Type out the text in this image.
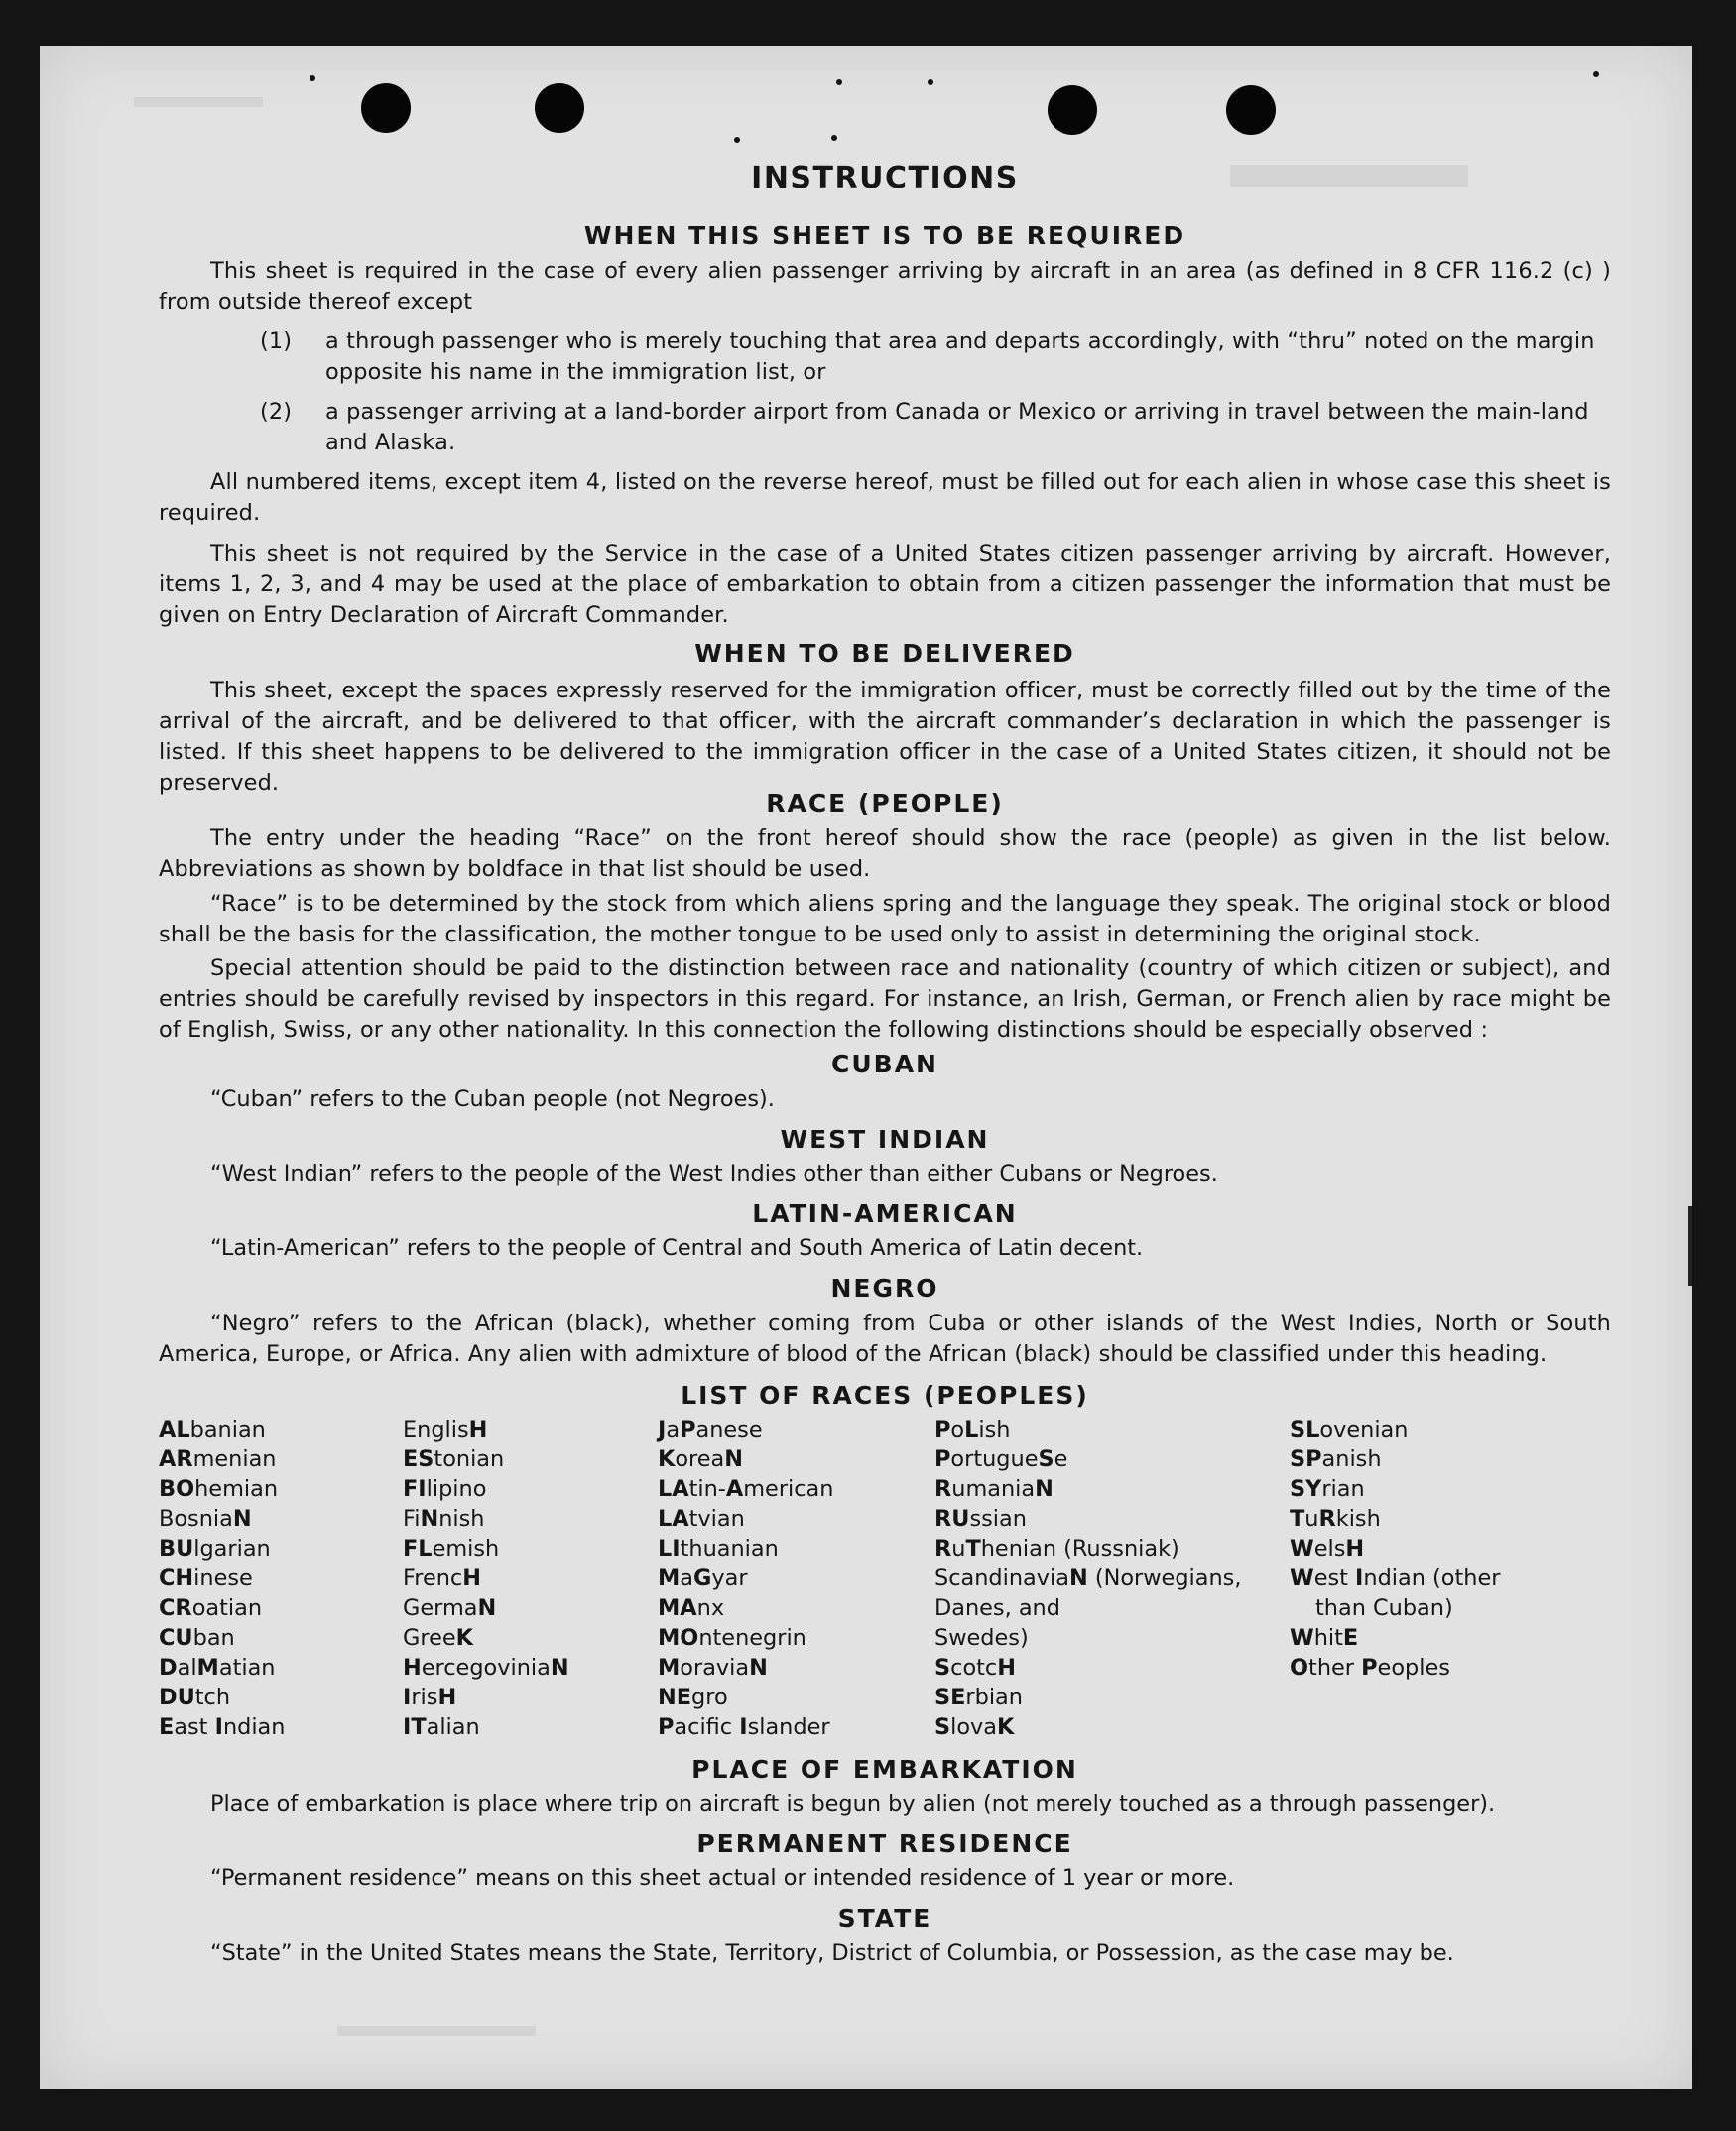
INSTRUCTIONS
WHEN THIS SHEET IS TO BE REQUIRED

This sheet is required in the case of every alien passenger arriving by aircraft in an area (as defined in 8 CFR 116.2 (c) ) from outside thereof except

(1) a through passenger who is merely touching that area and departs accordingly, with “thru” noted on the margin opposite his name in the immigration list, or

(2) a passenger arriving at a land-border airport from Canada or Mexico or arriving in travel between the main-land and Alaska.

All numbered items, except item 4, listed on the reverse hereof, must be filled out for each alien in whose case this sheet is required.

This sheet is not required by the Service in the case of a United States citizen passenger arriving by aircraft. However, items 1, 2, 3, and 4 may be used at the place of embarkation to obtain from a citizen passenger the information that must be given on Entry Declaration of Aircraft Commander.

WHEN TO BE DELIVERED

This sheet, except the spaces expressly reserved for the immigration officer, must be correctly filled out by the time of the arrival of the aircraft, and be delivered to that officer, with the aircraft commander’s declaration in which the passenger is listed. If this sheet happens to be delivered to the immigration officer in the case of a United States citizen, it should not be preserved.

RACE (PEOPLE)

The entry under the heading “Race” on the front hereof should show the race (people) as given in the list below. Abbreviations as shown by boldface in that list should be used.

“Race” is to be determined by the stock from which aliens spring and the language they speak. The original stock or blood shall be the basis for the classification, the mother tongue to be used only to assist in determining the original stock.

Special attention should be paid to the distinction between race and nationality (country of which citizen or subject), and entries should be carefully revised by inspectors in this regard. For instance, an Irish, German, or French alien by race might be of English, Swiss, or any other nationality. In this connection the following distinctions should be especially observed :

CUBAN

“Cuban” refers to the Cuban people (not Negroes).

WEST INDIAN

“West Indian” refers to the people of the West Indies other than either Cubans or Negroes.

LATIN-AMERICAN

“Latin-American” refers to the people of Central and South America of Latin decent.

NEGRO

“Negro” refers to the African (black), whether coming from Cuba or other islands of the West Indies, North or South America, Europe, or Africa. Any alien with admixture of blood of the African (black) should be classified under this heading.

LIST OF RACES (PEOPLES)
ALbanian
ARmenian
BOhemian
BosniaN
BUlgarian
CHinese
CRoatian
CUban
DalMatian
DUtch
East Indian
EnglisH
EStonian
FIlipino
FiNnish
FLemish
FrencH
GermaN
GreeK
HercegoviniaN
IrisH
ITalian
JaPanese
KoreaN
LAtin-American
LAtvian
LIthuanian
MaGyar
MAnx
MOntenegrin
MoraviaN
NEgro
Pacific Islander
PoLish
PortugueSe
RumaniaN
RUssian
RuThenian (Russniak)
ScandinaviaN (Norwegians,
Danes, and
Swedes)
ScotcH
SErbian
SlovaK
SLovenian
SPanish
SYrian
TuRkish
WelsH
West Indian (other
than Cuban)
WhitE
Other Peoples
PLACE OF EMBARKATION

Place of embarkation is place where trip on aircraft is begun by alien (not merely touched as a through passenger).

PERMANENT RESIDENCE

“Permanent residence” means on this sheet actual or intended residence of 1 year or more.

STATE

“State” in the United States means the State, Territory, District of Columbia, or Possession, as the case may be.
